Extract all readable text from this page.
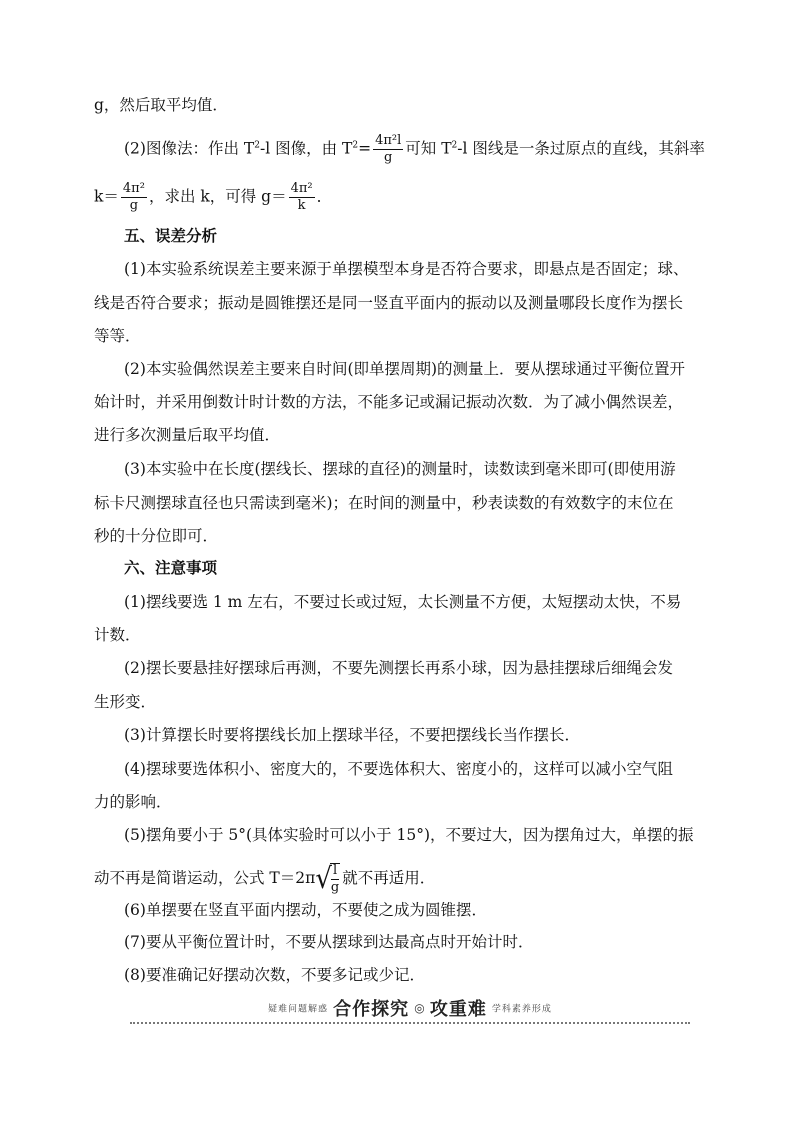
g，然后取平均值．
(2)图像法：作出 $T^2-l$ 图像，由 $T^2= \frac{\text{4π²l}}{g}$ 可知 $T^2-l$ 图线是一条过原点的直线，其斜率
$k= \frac{\text{4π²}}{g}$ ，求出 k，可得 $g= \frac{\text{4π²}}{k}$ ．
五、误差分析
(1)本实验系统误差主要来源于单摆模型本身是否符合要求，即悬点是否固定；球、
线是否符合要求；振动是圆锥摆还是同一竖直平面内的振动以及测量哪段长度作为摆长
等等．
(2)本实验偶然误差主要来自时间(即单摆周期)的测量上．要从摆球通过平衡位置开
始计时，并采用倒数计时计数的方法，不能多记或漏记振动次数．为了减小偶然误差，
进行多次测量后取平均值．
(3)本实验中在长度(摆线长、摆球的直径)的测量时，读数读到毫米即可(即使用游
标卡尺测摆球直径也只需读到毫米)；在时间的测量中，秒表读数的有效数字的末位在
秒的十分位即可．
六、注意事项
(1)摆线要选 1 m 左右，不要过长或过短，太长测量不方便，太短摆动太快，不易
计数．
(2)摆长要悬挂好摆球后再测，不要先测摆长再系小球，因为悬挂摆球后细绳会发
生形变．
(3)计算摆长时要将摆线长加上摆球半径，不要把摆线长当作摆长．
(4)摆球要选体积小、密度大的，不要选体积大、密度小的，这样可以减小空气阻
力的影响．
(5)摆角要小于 5°(具体实验时可以小于 15°)，不要过大，因为摆角过大，单摆的振
动不再是简谐运动，公式 $T=2\pi√ \frac{l}{g}$ 就不再适用．
(6)单摆要在竖直平面内摆动，不要使之成为圆锥摆．
(7)要从平衡位置计时，不要从摆球到达最高点时开始计时．
(8)要准确记好摆动次数，不要多记或少记．
疑难问题解惑 合作探究 ◎ 攻重难 学科素养形成
